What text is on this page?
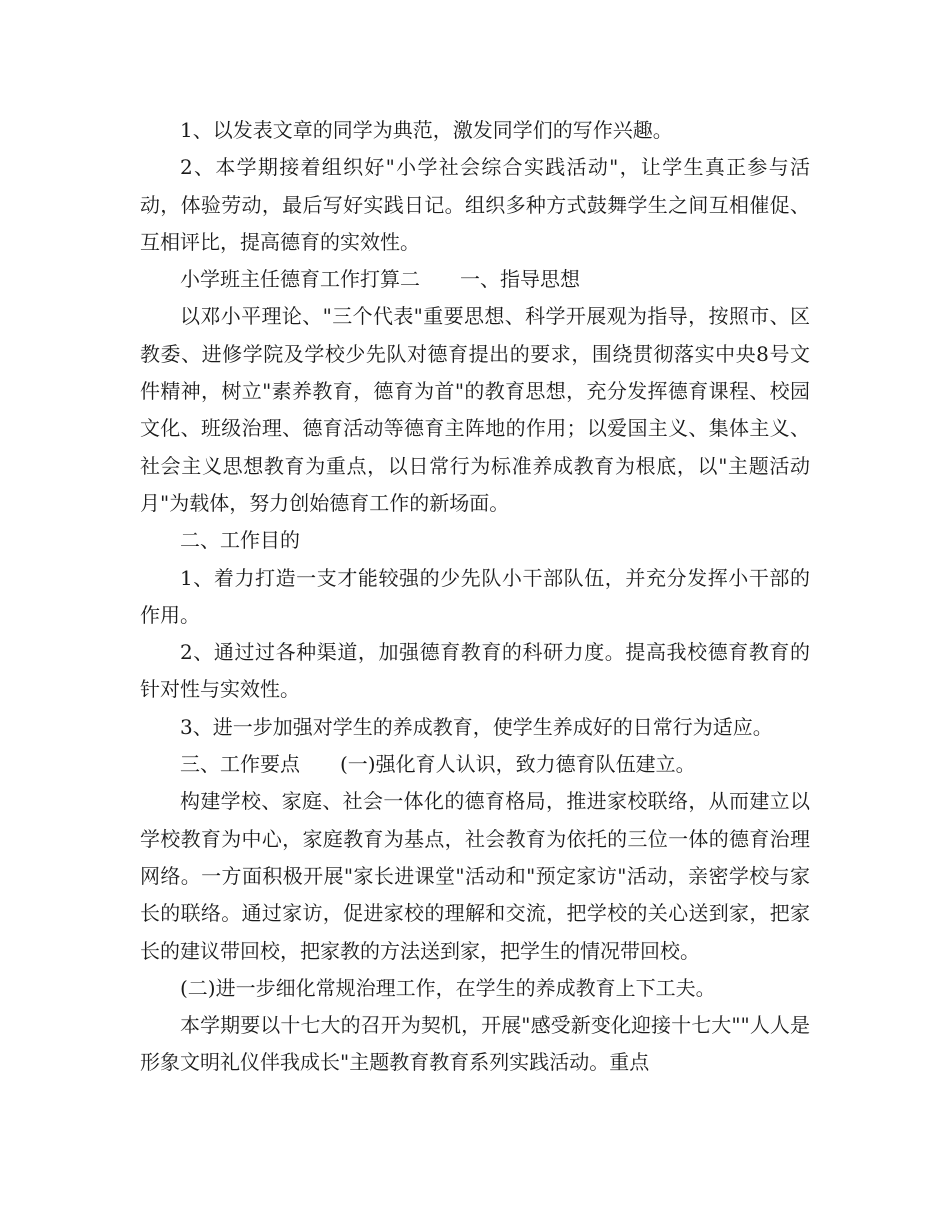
1、以发表文章的同学为典范，激发同学们的写作兴趣。

2、本学期接着组织好"小学社会综合实践活动"，让学生真正参与活动，体验劳动，最后写好实践日记。组织多种方式鼓舞学生之间互相催促、互相评比，提高德育的实效性。

小学班主任德育工作打算二　　一、指导思想

以邓小平理论、"三个代表"重要思想、科学开展观为指导，按照市、区教委、进修学院及学校少先队对德育提出的要求，围绕贯彻落实中央8号文件精神，树立"素养教育，德育为首"的教育思想，充分发挥德育课程、校园文化、班级治理、德育活动等德育主阵地的作用；以爱国主义、集体主义、社会主义思想教育为重点，以日常行为标准养成教育为根底，以"主题活动月"为载体，努力创始德育工作的新场面。

二、工作目的

1、着力打造一支才能较强的少先队小干部队伍，并充分发挥小干部的作用。

2、通过过各种渠道，加强德育教育的科研力度。提高我校德育教育的针对性与实效性。

3、进一步加强对学生的养成教育，使学生养成好的日常行为适应。

三、工作要点　　(一)强化育人认识，致力德育队伍建立。

构建学校、家庭、社会一体化的德育格局，推进家校联络，从而建立以学校教育为中心，家庭教育为基点，社会教育为依托的三位一体的德育治理网络。一方面积极开展"家长进课堂"活动和"预定家访"活动，亲密学校与家长的联络。通过家访，促进家校的理解和交流，把学校的关心送到家，把家长的建议带回校，把家教的方法送到家，把学生的情况带回校。

(二)进一步细化常规治理工作，在学生的养成教育上下工夫。

本学期要以十七大的召开为契机，开展"感受新变化迎接十七大""人人是形象文明礼仪伴我成长"主题教育教育系列实践活动。重点
